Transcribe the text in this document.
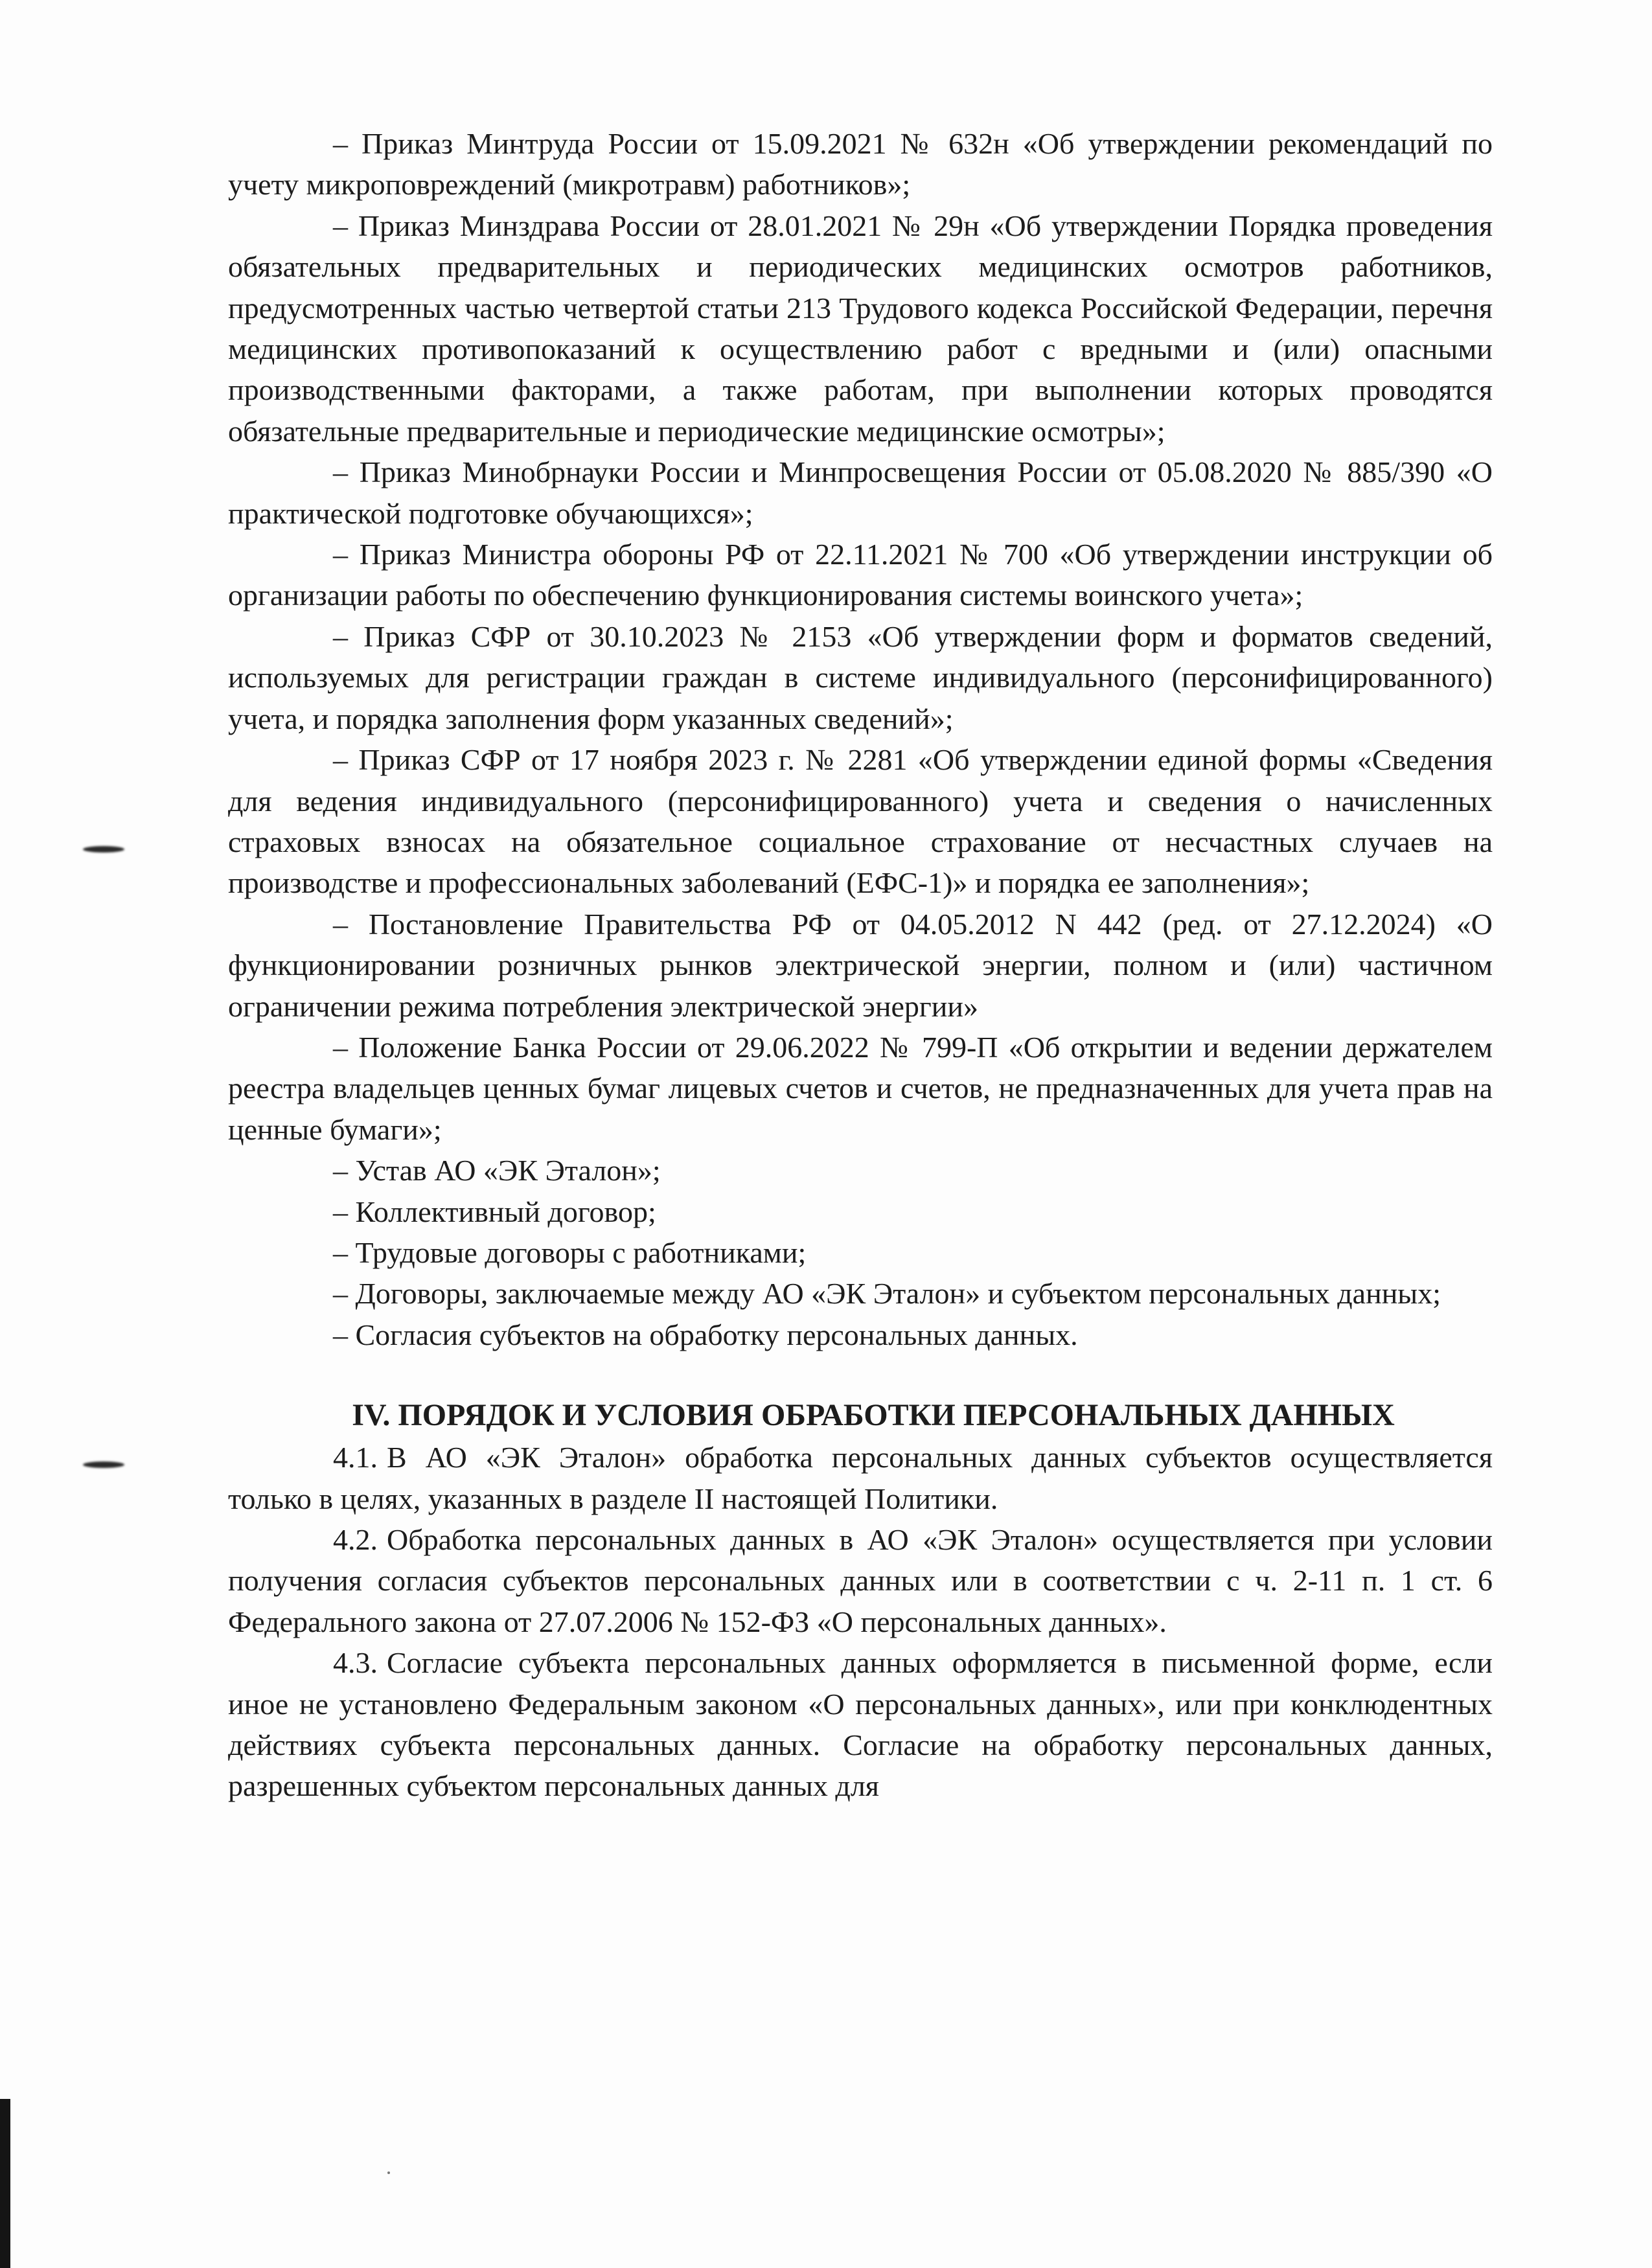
– Приказ Минтруда России от 15.09.2021 № 632н «Об утверждении рекомендаций по учету микроповреждений (микротравм) работников»;

– Приказ Минздрава России от 28.01.2021 № 29н «Об утверждении Порядка проведения обязательных предварительных и периодических медицинских осмотров работников, предусмотренных частью четвертой статьи 213 Трудового кодекса Российской Федерации, перечня медицинских противопоказаний к осуществлению работ с вредными и (или) опасными производственными факторами, а также работам, при выполнении которых проводятся обязательные предварительные и периодические медицинские осмотры»;

– Приказ Минобрнауки России и Минпросвещения России от 05.08.2020 № 885/390 «О практической подготовке обучающихся»;

– Приказ Министра обороны РФ от 22.11.2021 № 700 «Об утверждении инструкции об организации работы по обеспечению функционирования системы воинского учета»;

– Приказ СФР от 30.10.2023 № 2153 «Об утверждении форм и форматов сведений, используемых для регистрации граждан в системе индивидуального (персонифицированного) учета, и порядка заполнения форм указанных сведений»;

– Приказ СФР от 17 ноября 2023 г. № 2281 «Об утверждении единой формы «Сведения для ведения индивидуального (персонифицированного) учета и сведения о начисленных страховых взносах на обязательное социальное страхование от несчастных случаев на производстве и профессиональных заболеваний (ЕФС-1)» и порядка ее заполнения»;

– Постановление Правительства РФ от 04.05.2012 N 442 (ред. от 27.12.2024) «О функционировании розничных рынков электрической энергии, полном и (или) частичном ограничении режима потребления электрической энергии»

– Положение Банка России от 29.06.2022 № 799-П «Об открытии и ведении держателем реестра владельцев ценных бумаг лицевых счетов и счетов, не предназначенных для учета прав на ценные бумаги»;

– Устав АО «ЭК Эталон»;

– Коллективный договор;

– Трудовые договоры с работниками;

– Договоры, заключаемые между АО «ЭК Эталон» и субъектом персональных данных;

– Согласия субъектов на обработку персональных данных.

IV. ПОРЯДОК И УСЛОВИЯ ОБРАБОТКИ ПЕРСОНАЛЬНЫХ ДАННЫХ

4.1. В АО «ЭК Эталон» обработка персональных данных субъектов осуществляется только в целях, указанных в разделе II настоящей Политики.

4.2. Обработка персональных данных в АО «ЭК Эталон» осуществляется при условии получения согласия субъектов персональных данных или в соответствии с ч. 2-11 п. 1 ст. 6 Федерального закона от 27.07.2006 № 152-ФЗ «О персональных данных».

4.3. Согласие субъекта персональных данных оформляется в письменной форме, если иное не установлено Федеральным законом «О персональных данных», или при конклюдентных действиях субъекта персональных данных. Согласие на обработку персональных данных, разрешенных субъектом персональных данных для
